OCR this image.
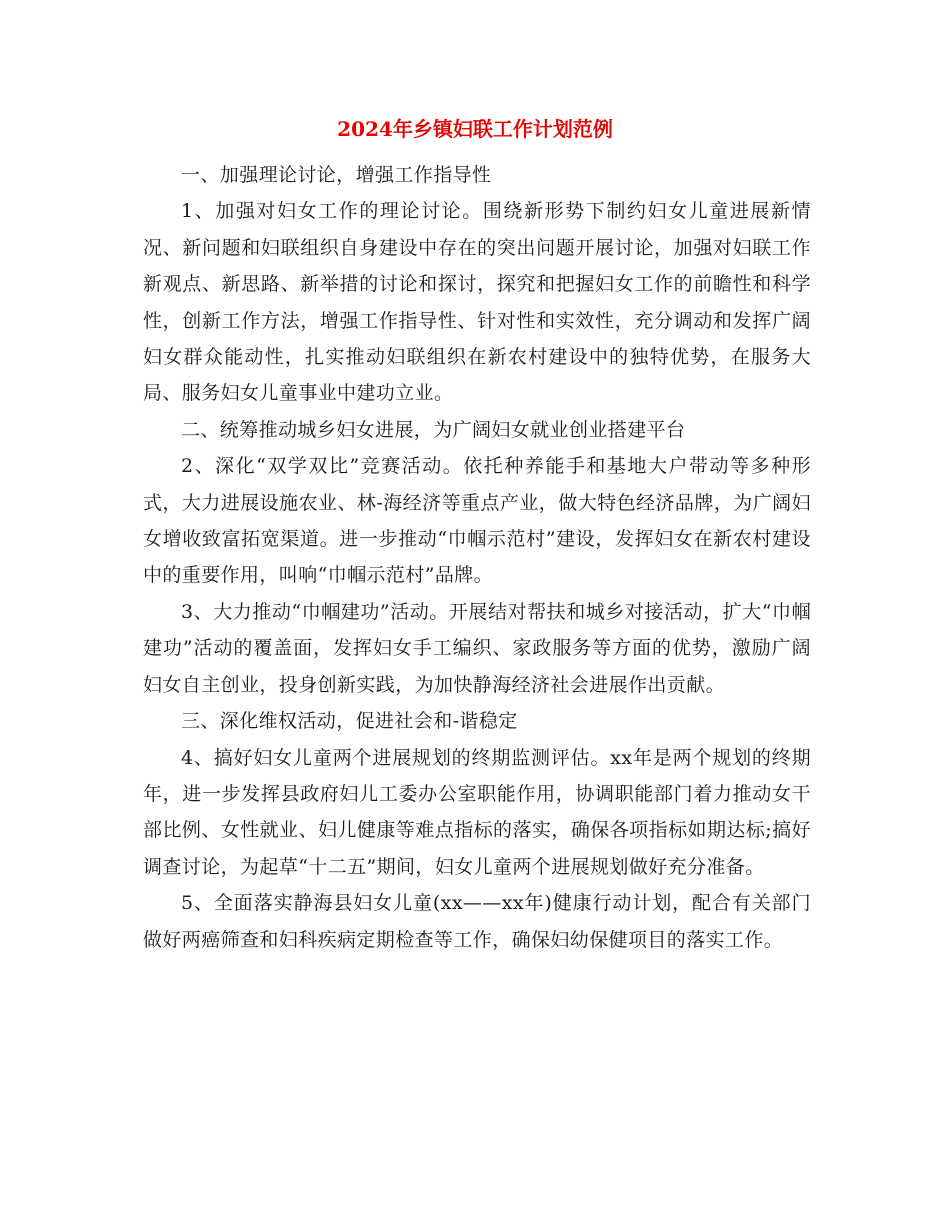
2024年乡镇妇联工作计划范例

一、加强理论讨论，增强工作指导性

1、加强对妇女工作的理论讨论。围绕新形势下制约妇女儿童进展新情况、新问题和妇联组织自身建设中存在的突出问题开展讨论，加强对妇联工作新观点、新思路、新举措的讨论和探讨，探究和把握妇女工作的前瞻性和科学性，创新工作方法，增强工作指导性、针对性和实效性，充分调动和发挥广阔妇女群众能动性，扎实推动妇联组织在新农村建设中的独特优势，在服务大局、服务妇女儿童事业中建功立业。

二、统筹推动城乡妇女进展，为广阔妇女就业创业搭建平台

2、深化“双学双比”竞赛活动。依托种养能手和基地大户带动等多种形式，大力进展设施农业、林-海经济等重点产业，做大特色经济品牌，为广阔妇女增收致富拓宽渠道。进一步推动“巾帼示范村”建设，发挥妇女在新农村建设中的重要作用，叫响“巾帼示范村”品牌。

3、大力推动“巾帼建功”活动。开展结对帮扶和城乡对接活动，扩大“巾帼建功”活动的覆盖面，发挥妇女手工编织、家政服务等方面的优势，激励广阔妇女自主创业，投身创新实践，为加快静海经济社会进展作出贡献。

三、深化维权活动，促进社会和-谐稳定

4、搞好妇女儿童两个进展规划的终期监测评估。xx年是两个规划的终期年，进一步发挥县政府妇儿工委办公室职能作用，协调职能部门着力推动女干部比例、女性就业、妇儿健康等难点指标的落实，确保各项指标如期达标;搞好调查讨论，为起草“十二五”期间，妇女儿童两个进展规划做好充分准备。

5、全面落实静海县妇女儿童(xx——xx年)健康行动计划，配合有关部门做好两癌筛查和妇科疾病定期检查等工作，确保妇幼保健项目的落实工作。
